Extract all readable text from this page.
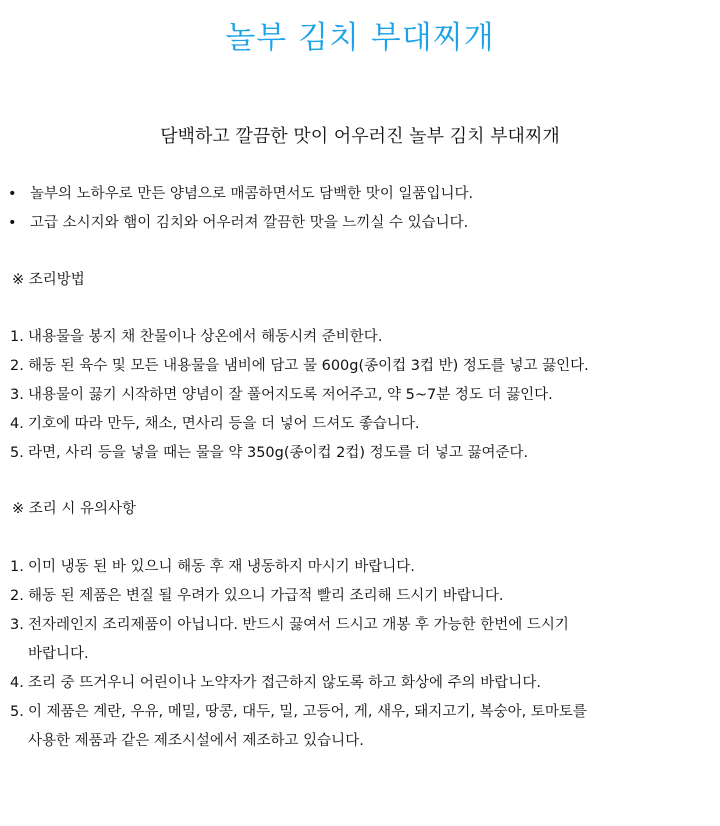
놀부 김치 부대찌개
담백하고 깔끔한 맛이 어우러진 놀부 김치 부대찌개
• 놀부의 노하우로 만든 양념으로 매콤하면서도 담백한 맛이 일품입니다.
• 고급 소시지와 햄이 김치와 어우러져 깔끔한 맛을 느끼실 수 있습니다.
※ 조리방법
1. 내용물을 봉지 채 찬물이나 상온에서 해동시켜 준비한다.
2. 해동 된 육수 및 모든 내용물을 냄비에 담고 물 600g(종이컵 3컵 반) 정도를 넣고 끓인다.
3. 내용물이 끓기 시작하면 양념이 잘 풀어지도록 저어주고, 약 5~7분 정도 더 끓인다.
4. 기호에 따라 만두, 채소, 면사리 등을 더 넣어 드셔도 좋습니다.
5. 라면, 사리 등을 넣을 때는 물을 약 350g(종이컵 2컵) 정도를 더 넣고 끓여준다.
※ 조리 시 유의사항
1. 이미 냉동 된 바 있으니 해동 후 재 냉동하지 마시기 바랍니다.
2. 해동 된 제품은 변질 될 우려가 있으니 가급적 빨리 조리해 드시기 바랍니다.
3. 전자레인지 조리제품이 아닙니다. 반드시 끓여서 드시고 개봉 후 가능한 한번에 드시기
바랍니다.
4. 조리 중 뜨거우니 어린이나 노약자가 접근하지 않도록 하고 화상에 주의 바랍니다.
5. 이 제품은 계란, 우유, 메밀, 땅콩, 대두, 밀, 고등어, 게, 새우, 돼지고기, 복숭아, 토마토를
사용한 제품과 같은 제조시설에서 제조하고 있습니다.
